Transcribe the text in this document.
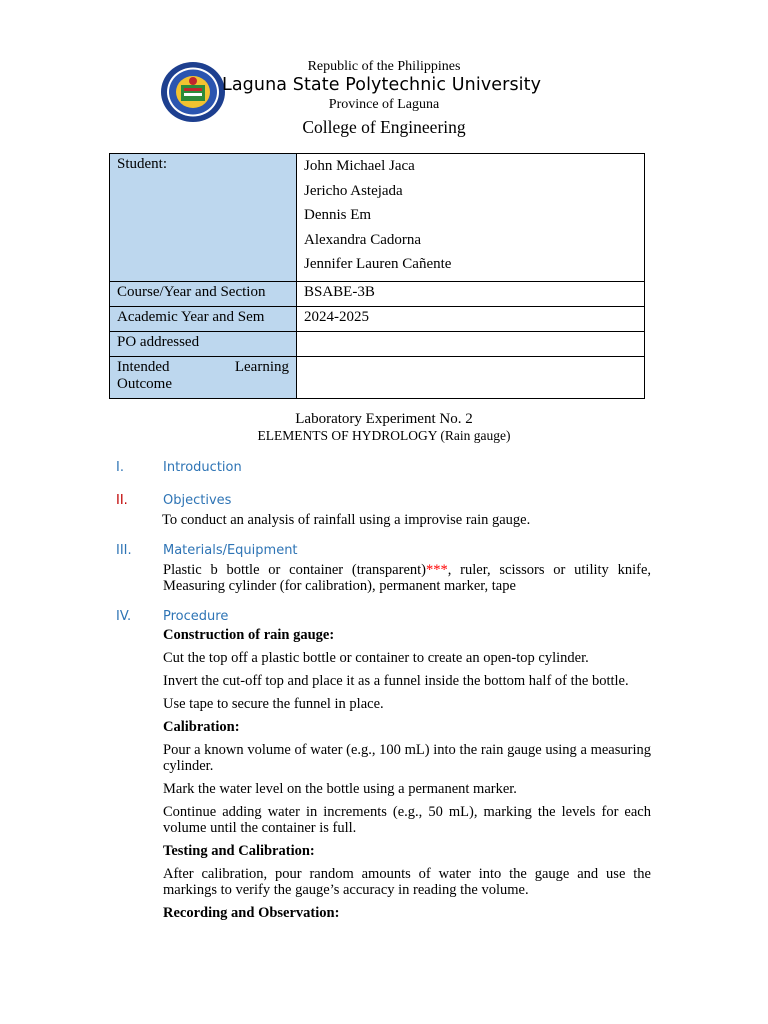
Republic of the Philippines
Laguna State Polytechnic University
Province of Laguna
College of Engineering
Student:	John Michael Jaca
Jericho Astejada
Dennis Em
Alexandra Cadorna
Jennifer Lauren Cañente

Course/Year and Section	BSABE-3B
Academic Year and Sem	2024-2025
PO addressed	

Intended Learning
Outcome	

Laboratory Experiment No. 2
ELEMENTS OF HYDROLOGY (Rain gauge)
I.	Introduction
II.	Objectives
To conduct an analysis of rainfall using a improvise rain gauge.
III.	Materials/Equipment
Plastic b bottle or container (transparent)***, ruler, scissors or utility knife, Measuring cylinder (for calibration), permanent marker, tape
IV.	Procedure
Construction of rain gauge:
Cut the top off a plastic bottle or container to create an open-top cylinder.
Invert the cut-off top and place it as a funnel inside the bottom half of the bottle.
Use tape to secure the funnel in place.
Calibration:
Pour a known volume of water (e.g., 100 mL) into the rain gauge using a measuring cylinder.
Mark the water level on the bottle using a permanent marker.
Continue adding water in increments (e.g., 50 mL), marking the levels for each volume until the container is full.
Testing and Calibration:
After calibration, pour random amounts of water into the gauge and use the markings to verify the gauge’s accuracy in reading the volume.
Recording and Observation:
